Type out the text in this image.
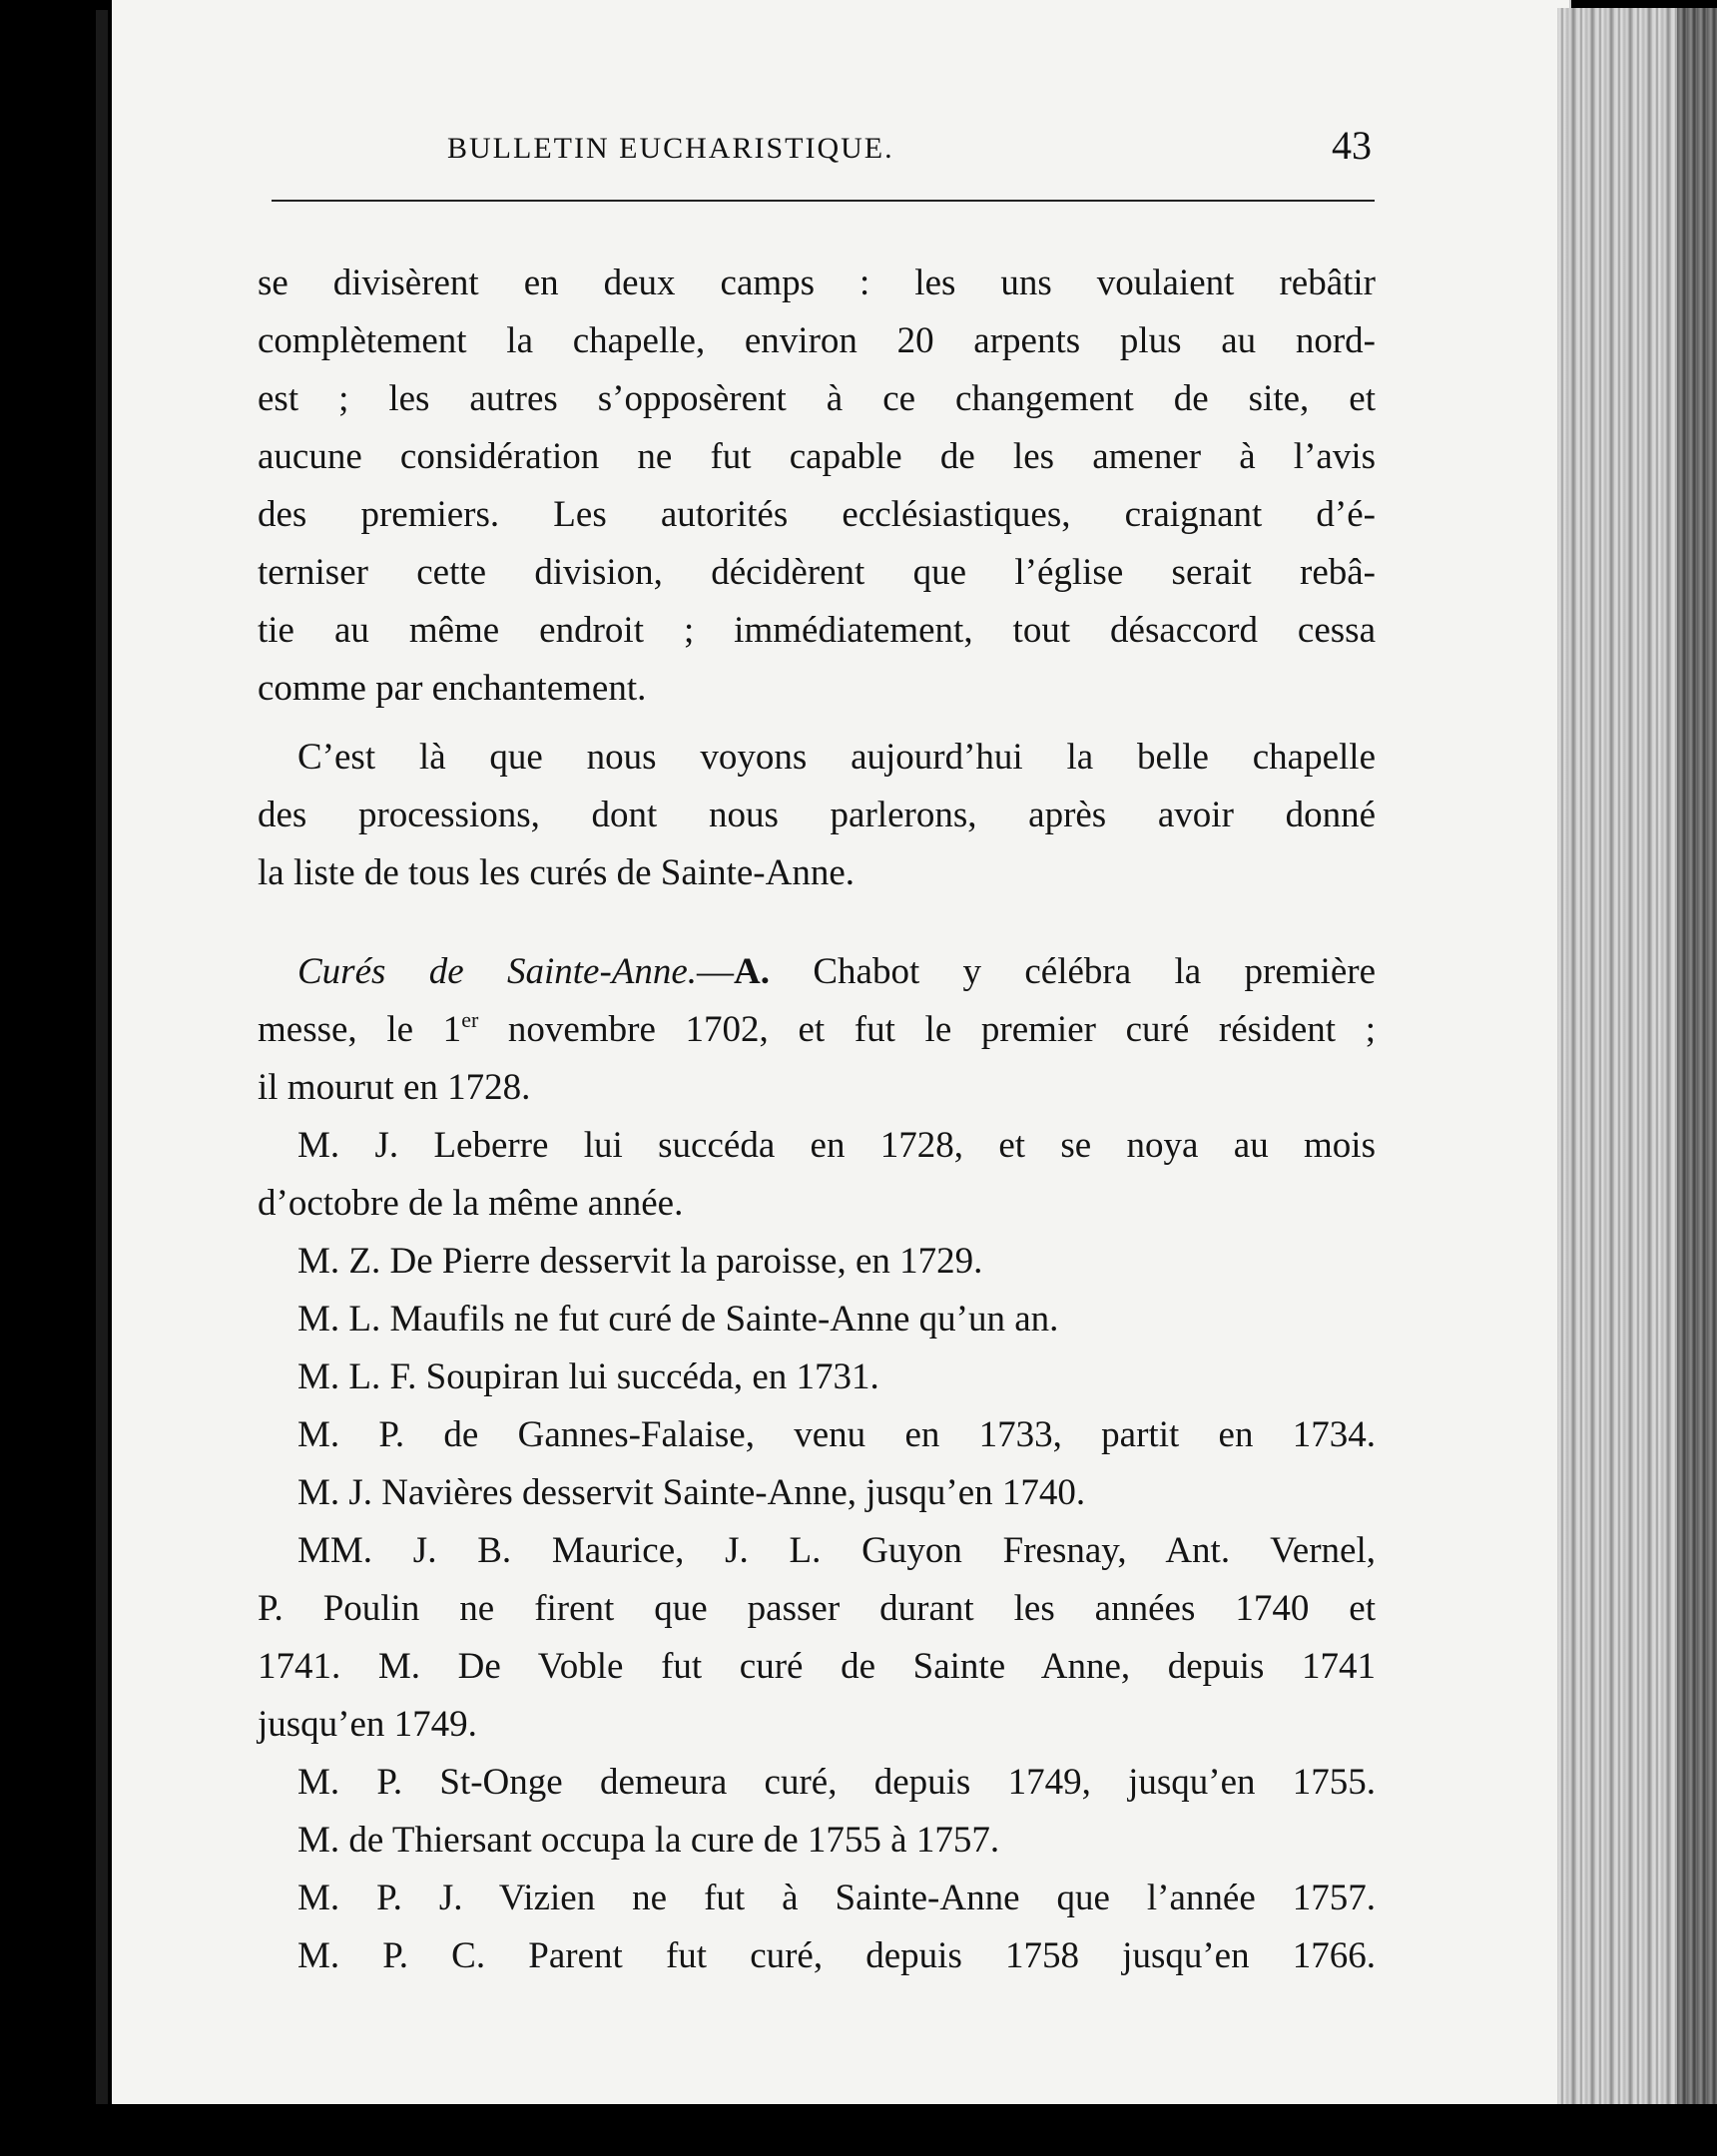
BULLETIN EUCHARISTIQUE.	43
se divisèrent en deux camps : les uns voulaient rebâtir
complètement la chapelle, environ 20 arpents plus au nord-
est ; les autres s’opposèrent à ce changement de site, et
aucune considération ne fut capable de les amener à l’avis
des premiers. Les autorités ecclésiastiques, craignant d’é-
terniser cette division, décidèrent que l’église serait rebâ-
tie au même endroit ; immédiatement, tout désaccord cessa
comme par enchantement.
C’est là que nous voyons aujourd’hui la belle chapelle
des processions, dont nous parlerons, après avoir donné
la liste de tous les curés de Sainte-Anne.
Curés de Sainte-Anne.—A. Chabot y célébra la première
messe, le 1er novembre 1702, et fut le premier curé résident ;
il mourut en 1728.
M. J. Leberre lui succéda en 1728, et se noya au mois
d’octobre de la même année.
M. Z. De Pierre desservit la paroisse, en 1729.
M. L. Maufils ne fut curé de Sainte-Anne qu’un an.
M. L. F. Soupiran lui succéda, en 1731.
M. P. de Gannes-Falaise, venu en 1733, partit en 1734.
M. J. Navières desservit Sainte-Anne, jusqu’en 1740.
MM. J. B. Maurice, J. L. Guyon Fresnay, Ant. Vernel,
P. Poulin ne firent que passer durant les années 1740 et
1741. M. De Voble fut curé de Sainte Anne, depuis 1741
jusqu’en 1749.
M. P. St-Onge demeura curé, depuis 1749, jusqu’en 1755.
M. de Thiersant occupa la cure de 1755 à 1757.
M. P. J. Vizien ne fut à Sainte-Anne que l’année 1757.
M. P. C. Parent fut curé, depuis 1758 jusqu’en 1766.
